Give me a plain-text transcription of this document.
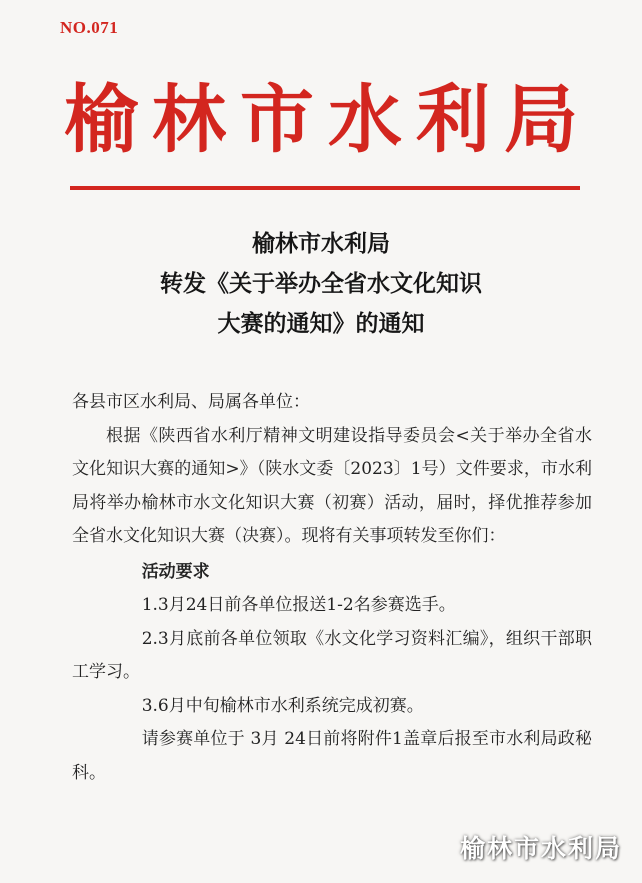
NO.071
榆林市水利局
榆林市水利局
转发《关于举办全省水文化知识
大赛的通知》的通知

各县市区水利局、局属各单位：

根据《陕西省水利厅精神文明建设指导委员会<关于举办全省水文化知识大赛的通知>》（陕水文委〔2023〕1号）文件要求，市水利局将举办榆林市水文化知识大赛（初赛）活动，届时，择优推荐参加全省水文化知识大赛（决赛）。现将有关事项转发至你们：

活动要求

1.3月24日前各单位报送1-2名参赛选手。

2.3月底前各单位领取《水文化学习资料汇编》，组织干部职工学习。

3.6月中旬榆林市水利系统完成初赛。

请参赛单位于 3月 24日前将附件1盖章后报至市水利局政秘科。

榆林市水利局
